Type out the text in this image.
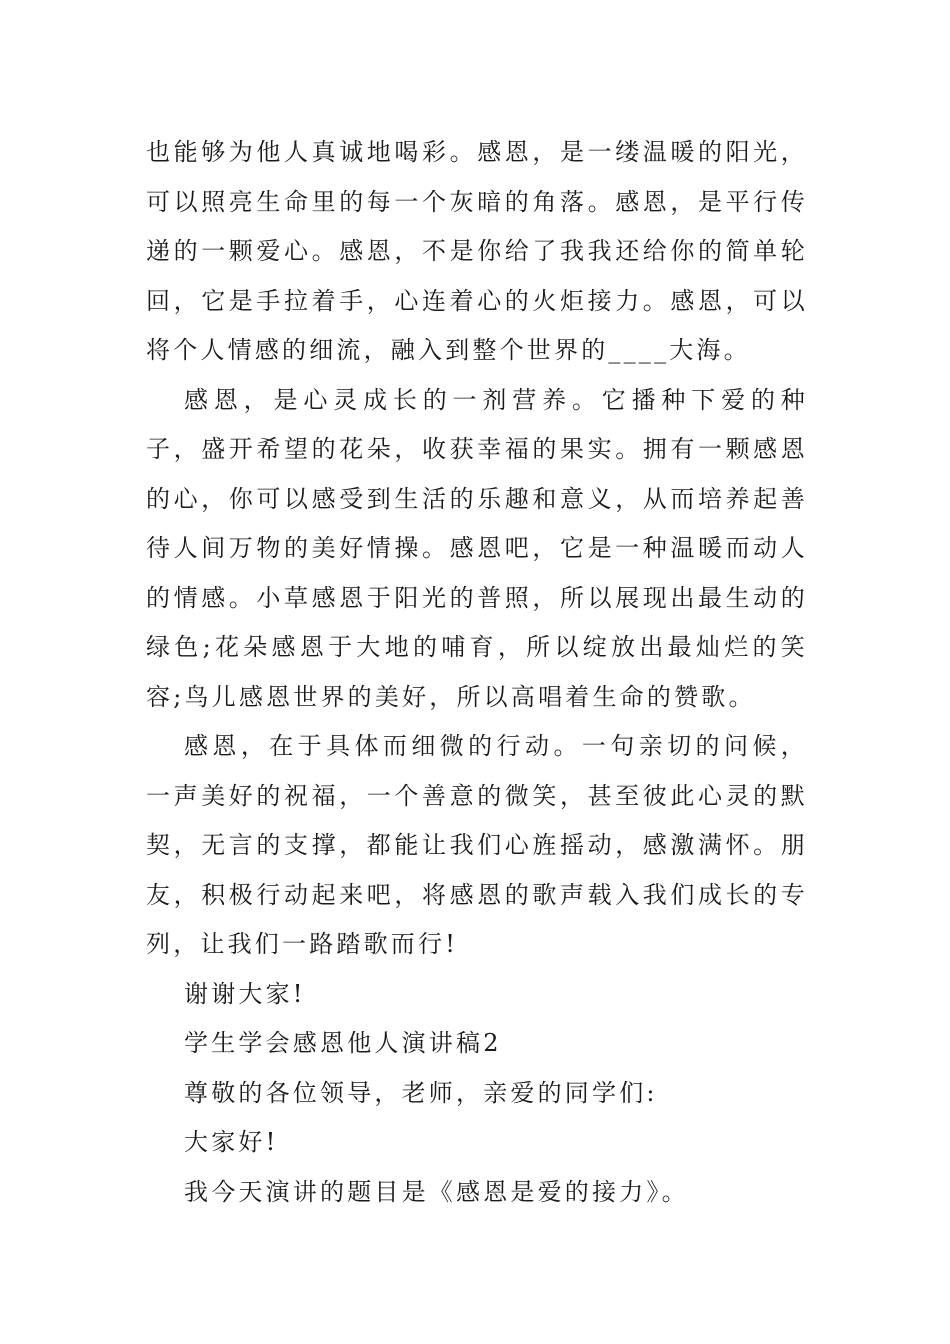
也能够为他人真诚地喝彩。感恩，是一缕温暖的阳光，可以照亮生命里的每一个灰暗的角落。感恩，是平行传递的一颗爱心。感恩，不是你给了我我还给你的简单轮回，它是手拉着手，心连着心的火炬接力。感恩，可以将个人情感的细流，融入到整个世界的____大海。

感恩，是心灵成长的一剂营养。它播种下爱的种子，盛开希望的花朵，收获幸福的果实。拥有一颗感恩的心，你可以感受到生活的乐趣和意义，从而培养起善待人间万物的美好情操。感恩吧，它是一种温暖而动人的情感。小草感恩于阳光的普照，所以展现出最生动的绿色;花朵感恩于大地的哺育，所以绽放出最灿烂的笑容;鸟儿感恩世界的美好，所以高唱着生命的赞歌。

感恩，在于具体而细微的行动。一句亲切的问候，一声美好的祝福，一个善意的微笑，甚至彼此心灵的默契，无言的支撑，都能让我们心旌摇动，感激满怀。朋友，积极行动起来吧，将感恩的歌声载入我们成长的专列，让我们一路踏歌而行!

谢谢大家!

学生学会感恩他人演讲稿2

尊敬的各位领导，老师，亲爱的同学们:

大家好!

我今天演讲的题目是《感恩是爱的接力》。
